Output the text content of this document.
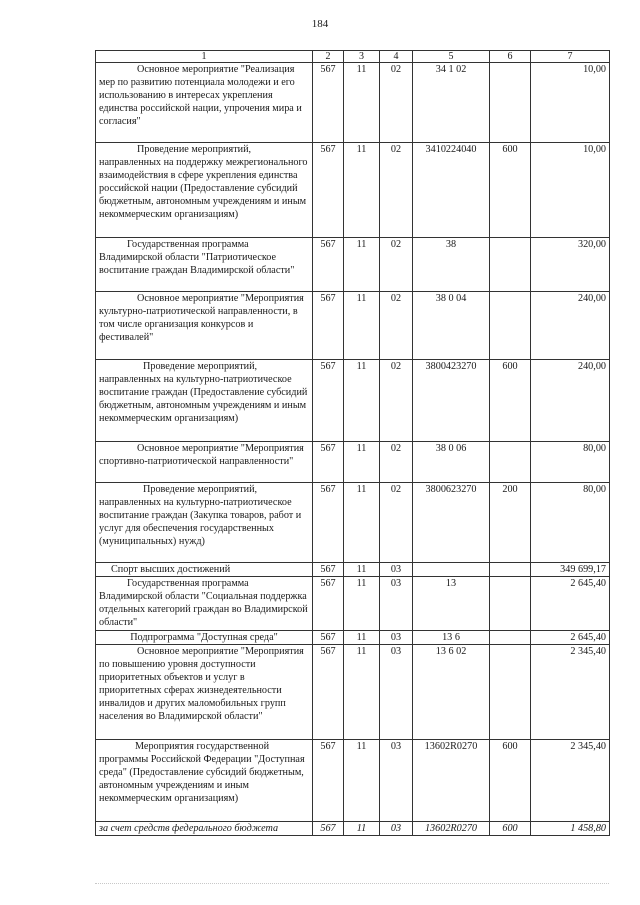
184
1	2	3	4	5	6	7
Основное мероприятие "Реализация мер по развитию потенциала молодежи и его использованию в интересах укрепления единства российской нации, упрочения мира и согласия"	567	11	02	34 1 02		10,00
Проведение мероприятий, направленных на поддержку межрегионального взаимодействия в сфере укрепления единства российской нации (Предоставление субсидий бюджетным, автономным учреждениям и иным некоммерческим организациям)	567	11	02	3410224040	600	10,00
Государственная программа Владимирской области "Патриотическое воспитание граждан Владимирской области"	567	11	02	38		320,00
Основное мероприятие "Мероприятия культурно-патриотической направленности, в том числе организация конкурсов и фестивалей"	567	11	02	38 0 04		240,00
Проведение мероприятий, направленных на культурно-патриотическое воспитание граждан (Предоставление субсидий бюджетным, автономным учреждениям и иным некоммерческим организациям)	567	11	02	3800423270	600	240,00
Основное мероприятие "Мероприятия спортивно-патриотической направленности"	567	11	02	38 0 06		80,00
Проведение мероприятий, направленных на культурно-патриотическое воспитание граждан (Закупка товаров, работ и услуг для обеспечения государственных (муниципальных) нужд)	567	11	02	3800623270	200	80,00
Спорт высших достижений	567	11	03			349 699,17
Государственная программа Владимирской области "Социальная поддержка отдельных категорий граждан во Владимирской области"	567	11	03	13		2 645,40
Подпрограмма "Доступная среда"	567	11	03	13 6		2 645,40
Основное мероприятие "Мероприятия по повышению уровня доступности приоритетных объектов и услуг в приоритетных сферах жизнедеятельности инвалидов и других маломобильных групп населения во Владимирской области"	567	11	03	13 6 02		2 345,40
Мероприятия государственной программы Российской Федерации "Доступная среда" (Предоставление субсидий бюджетным, автономным учреждениям и иным некоммерческим организациям)	567	11	03	13602R0270	600	2 345,40
за счет средств федерального бюджета	567	11	03	13602R0270	600	1 458,80
